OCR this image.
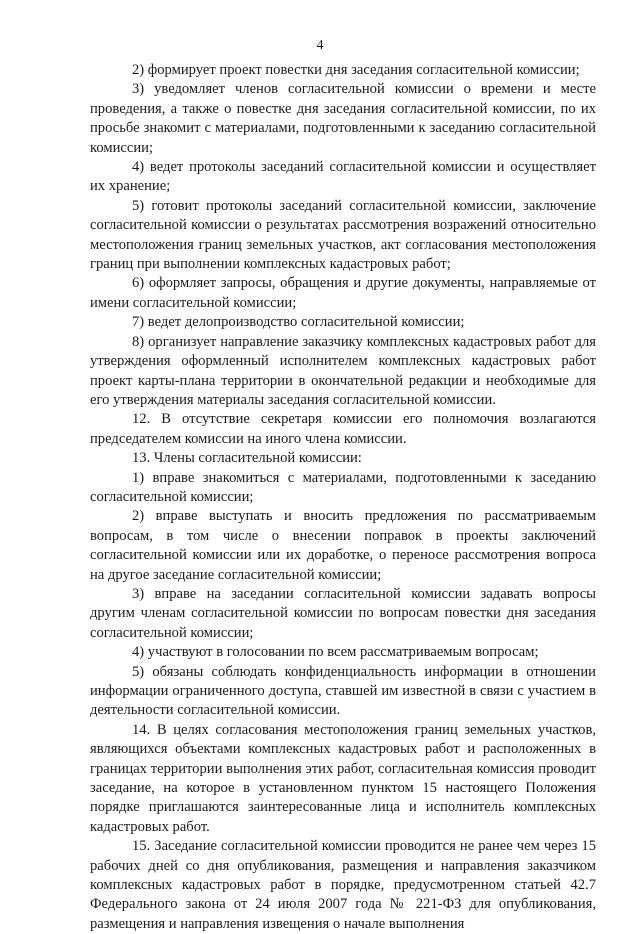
4

2) формирует проект повестки дня заседания согласительной комиссии;

3) уведомляет членов согласительной комиссии о времени и месте проведения, а также о повестке дня заседания согласительной комиссии, по их просьбе знакомит с материалами, подготовленными к заседанию согласительной комиссии;

4) ведет протоколы заседаний согласительной комиссии и осуществляет их хранение;

5) готовит протоколы заседаний согласительной комиссии, заключение согласительной комиссии о результатах рассмотрения возражений относительно местоположения границ земельных участков, акт согласования местоположения границ при выполнении комплексных кадастровых работ;

6) оформляет запросы, обращения и другие документы, направляемые от имени согласительной комиссии;

7) ведет делопроизводство согласительной комиссии;

8) организует направление заказчику комплексных кадастровых работ для утверждения оформленный исполнителем комплексных кадастровых работ проект карты-плана территории в окончательной редакции и необходимые для его утверждения материалы заседания согласительной комиссии.

12. В отсутствие секретаря комиссии его полномочия возлагаются председателем комиссии на иного члена комиссии.

13. Члены согласительной комиссии:

1) вправе знакомиться с материалами, подготовленными к заседанию согласительной комиссии;

2) вправе выступать и вносить предложения по рассматриваемым вопросам, в том числе о внесении поправок в проекты заключений согласительной комиссии или их доработке, о переносе рассмотрения вопроса на другое заседание согласительной комиссии;

3) вправе на заседании согласительной комиссии задавать вопросы другим членам согласительной комиссии по вопросам повестки дня заседания согласительной комиссии;

4) участвуют в голосовании по всем рассматриваемым вопросам;

5) обязаны соблюдать конфиденциальность информации в отношении информации ограниченного доступа, ставшей им известной в связи с участием в деятельности согласительной комиссии.

14. В целях согласования местоположения границ земельных участков, являющихся объектами комплексных кадастровых работ и расположенных в границах территории выполнения этих работ, согласительная комиссия проводит заседание, на которое в установленном пунктом 15 настоящего Положения порядке приглашаются заинтересованные лица и исполнитель комплексных кадастровых работ.

15. Заседание согласительной комиссии проводится не ранее чем через 15 рабочих дней со дня опубликования, размещения и направления заказчиком комплексных кадастровых работ в порядке, предусмотренном статьей 42.7 Федерального закона от 24 июля 2007 года № 221-ФЗ для опубликования, размещения и направления извещения о начале выполнения
